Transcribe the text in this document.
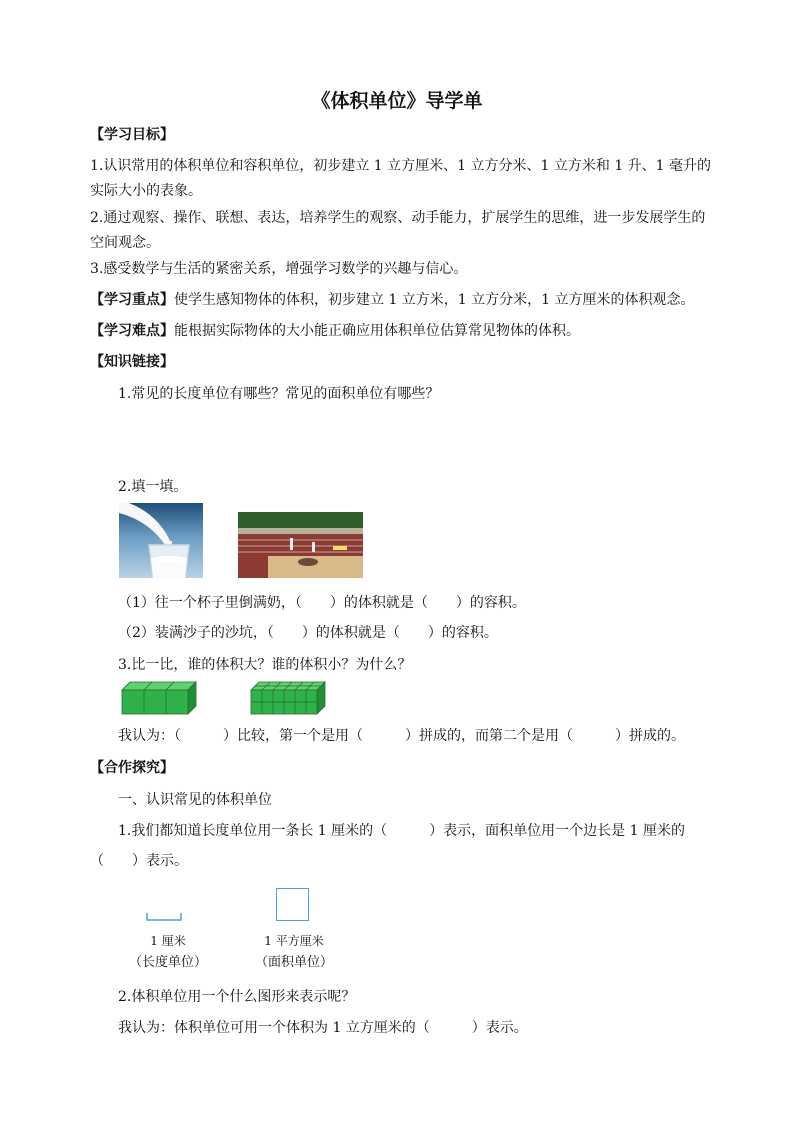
《体积单位》导学单
【学习目标】
1.认识常用的体积单位和容积单位，初步建立 1 立方厘米、1 立方分米、1 立方米和 1 升、1 毫升的
实际大小的表象。
2.通过观察、操作、联想、表达，培养学生的观察、动手能力，扩展学生的思维，进一步发展学生的
空间观念。
3.感受数学与生活的紧密关系，增强学习数学的兴趣与信心。
【学习重点】使学生感知物体的体积，初步建立 1 立方米，1 立方分米，1 立方厘米的体积观念。
【学习难点】能根据实际物体的大小能正确应用体积单位估算常见物体的体积。
【知识链接】
1.常见的长度单位有哪些？常见的面积单位有哪些？
2.填一填。
（1）往一个杯子里倒满奶，（　　）的体积就是（　　）的容积。
（2）装满沙子的沙坑，（　　）的体积就是（　　）的容积。
3.比一比，谁的体积大？谁的体积小？为什么？
我认为：（　　　）比较，第一个是用（　　　）拼成的，而第二个是用（　　　）拼成的。
【合作探究】
一、认识常见的体积单位
1.我们都知道长度单位用一条长 1 厘米的（　　　）表示，面积单位用一个边长是 1 厘米的
（　　）表示。
1 厘米
（长度单位）
1 平方厘米
（面积单位）
2.体积单位用一个什么图形来表示呢？
我认为：体积单位可用一个体积为 1 立方厘米的（　　　）表示。
